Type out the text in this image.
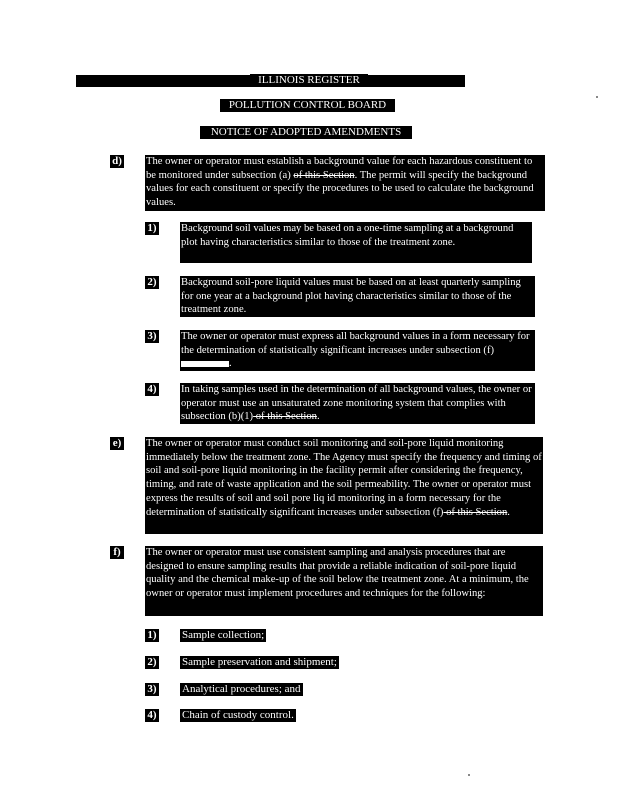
ILLINOIS REGISTER
POLLUTION CONTROL BOARD
NOTICE OF ADOPTED AMENDMENTS
d) The owner or operator must establish a background value for each hazardous constituent to be monitored under subsection (a) of this Section. The permit will specify the background values for each constituent or specify the procedures to be used to calculate the background values.

1) Background soil values may be based on a one-time sampling at a background plot having characteristics similar to those of the treatment zone.
2) Background soil-pore liquid values must be based on at least quarterly sampling for one year at a background plot having characteristics similar to those of the treatment zone.
3) The owner or operator must express all background values in a form necessary for the determination of statistically significant increases under subsection (f) .

4) In taking samples used in the determination of all background values, the owner or operator must use an unsaturated zone monitoring system that complies with subsection (b)(1) of this Section.

e) The owner or operator must conduct soil monitoring and soil-pore liquid monitoring immediately below the treatment zone. The Agency must specify the frequency and timing of soil and soil-pore liquid monitoring in the facility permit after considering the frequency, timing, and rate of waste application and the soil permeability. The owner or operator must express the results of soil and soil pore liq id monitoring in a form necessary for the determination of statistically significant increases under subsection (f) of this Section.

f)	The owner or operator must use consistent sampling and analysis procedures that are designed to ensure sampling results that provide a reliable indication of soil-pore liquid quality and the chemical make-up of the soil below the treatment zone. At a minimum, the owner or operator must implement procedures and techniques for the following:
1) Sample collection;
2) Sample preservation and shipment;
3) Analytical procedures; and
4) Chain of custody control.
